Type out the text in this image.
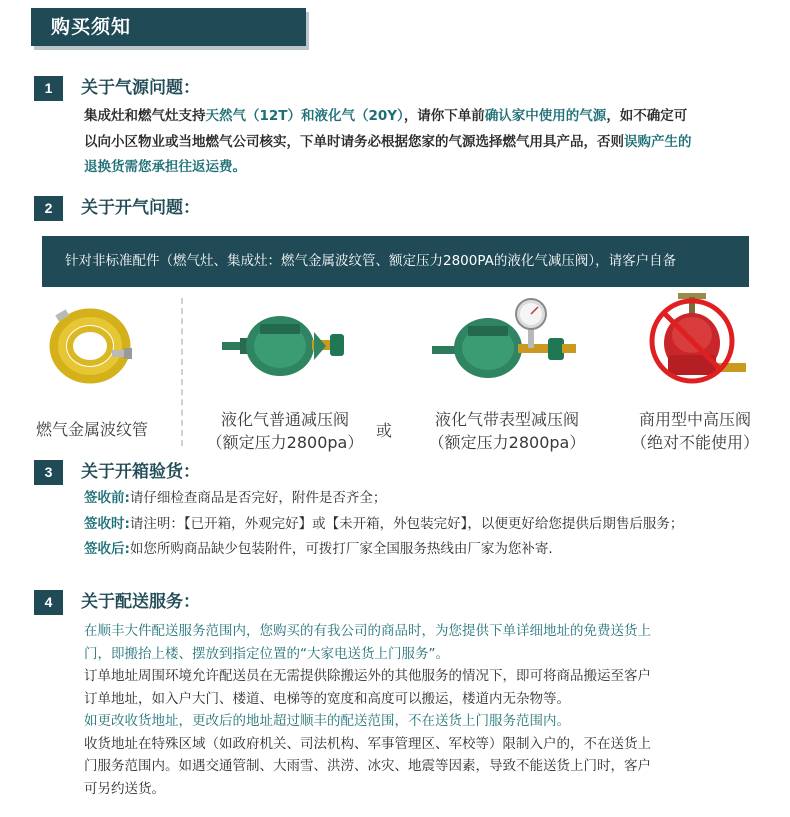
购买须知
1	关于气源问题：
集成灶和燃气灶支持天然气（12T）和液化气（20Y），请你下单前确认家中使用的气源，如不确定可
以向小区物业或当地燃气公司核实，下单时请务必根据您家的气源选择燃气用具产品，否则误购产生的
退换货需您承担往返运费。
2	关于开气问题：
针对非标准配件（燃气灶、集成灶：燃气金属波纹管、额定压力2800PA的液化气减压阀），请客户自备
燃气金属波纹管
液化气普通减压阀
（额定压力2800pa）
或
液化气带表型减压阀
（额定压力2800pa）
商用型中高压阀
（绝对不能使用）
3	关于开箱验货：
签收前:请仔细检查商品是否完好，附件是否齐全；
签收时:请注明：【已开箱，外观完好】或【未开箱，外包装完好】，以便更好给您提供后期售后服务；
签收后:如您所购商品缺少包装附件，可拨打厂家全国服务热线由厂家为您补寄.
4	关于配送服务：
在顺丰大件配送服务范围内，您购买的有我公司的商品时，为您提供下单详细地址的免费送货上
门，即搬抬上楼、摆放到指定位置的“大家电送货上门服务”。
订单地址周围环境允许配送员在无需提供除搬运外的其他服务的情况下，即可将商品搬运至客户
订单地址，如入户大门、楼道、电梯等的宽度和高度可以搬运，楼道内无杂物等。
如更改收货地址，更改后的地址超过顺丰的配送范围，不在送货上门服务范围内。
收货地址在特殊区域（如政府机关、司法机构、军事管理区、军校等）限制入户的，不在送货上
门服务范围内。如遇交通管制、大雨雪、洪涝、冰灾、地震等因素，导致不能送货上门时，客户
可另约送货。
